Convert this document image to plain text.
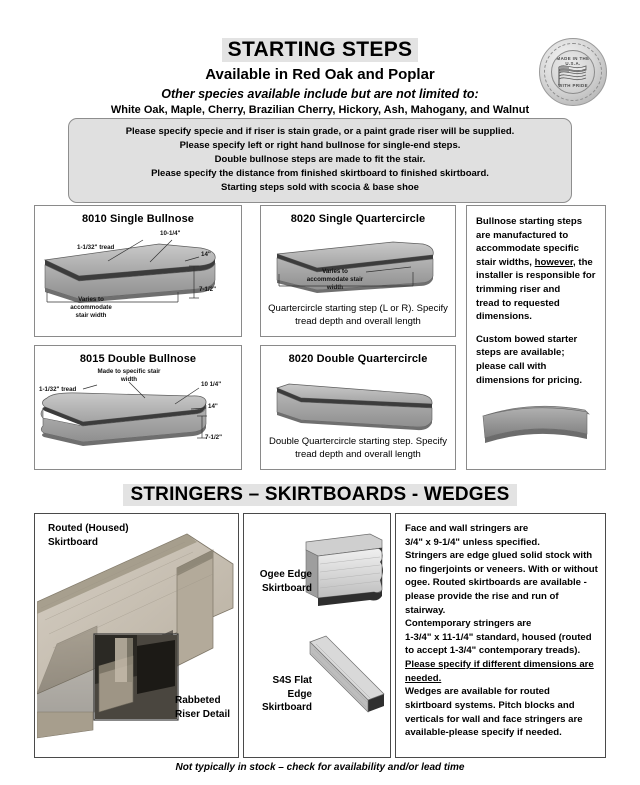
STARTING STEPS
Available in Red Oak and Poplar
Other species available include but are not limited to:
White Oak, Maple, Cherry, Brazilian Cherry, Hickory, Ash, Mahogany, and Walnut
MADE IN THE U.S.A.
WITH PRIDE
Please specify specie and if riser is stain grade, or a paint grade riser will be supplied.
Please specify left or right hand bullnose for single-end steps.
Double bullnose steps are made to fit the stair.
Please specify the distance from finished skirtboard to finished skirtboard.
Starting steps sold with scocia & base shoe
8010 Single Bullnose
1-1/32" tread
10-1/4"
14"
7-1/2"
Varies to accommodate stair width
8020 Single Quartercircle
Varies to accommodate stair width
Quartercircle starting step (L or R). Specify tread depth and overall length
Bullnose starting steps are manufactured to accommodate specific stair widths, however, the installer is responsible for trimming riser and
tread to requested dimensions.
Custom bowed starter steps are available; please call with dimensions for pricing.
8015 Double Bullnose
1-1/32" tread
Made to specific stair width
10 1/4"
14"
7-1/2"
8020 Double Quartercircle
Double Quartercircle starting step. Specify tread depth and overall length
STRINGERS – SKIRTBOARDS - WEDGES
Routed (Housed) Skirtboard
Rabbeted Riser Detail
Ogee Edge Skirtboard
S4S Flat Edge Skirtboard
Face and wall stringers are
3/4" x 9-1/4" unless specified.
Stringers are edge glued solid stock with no fingerjoints or veneers. With or without ogee. Routed skirtboards are available - please provide the rise and run of stairway.
Contemporary stringers are
1-3/4" x 11-1/4" standard, housed (routed to accept 1-3/4" contemporary treads).
Please specify if different dimensions are needed.
Wedges are available for routed skirtboard systems. Pitch blocks and verticals for wall and face stringers are available-please specify if needed.
Not typically in stock – check for availability and/or lead time
